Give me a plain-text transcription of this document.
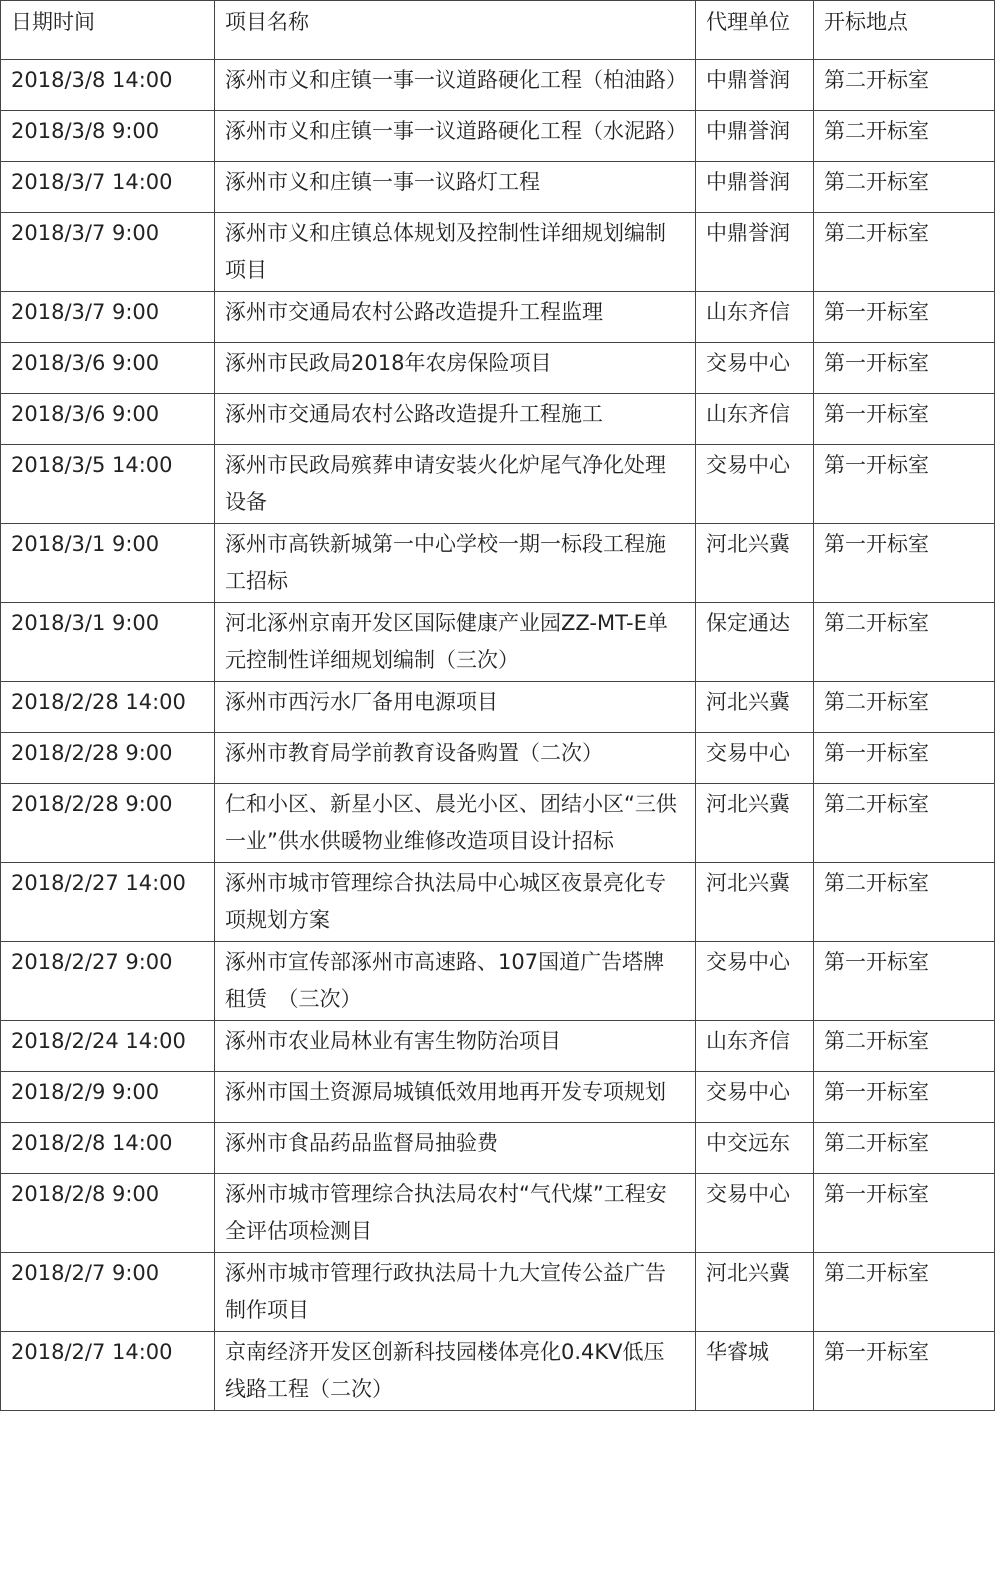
日期时间	项目名称	代理单位	开标地点
2018/3/8 14:00	涿州市义和庄镇一事一议道路硬化工程（柏油路）	中鼎誉润	第二开标室
2018/3/8 9:00	涿州市义和庄镇一事一议道路硬化工程（水泥路）	中鼎誉润	第二开标室
2018/3/7 14:00	涿州市义和庄镇一事一议路灯工程	中鼎誉润	第二开标室
2018/3/7 9:00	涿州市义和庄镇总体规划及控制性详细规划编制项目	中鼎誉润	第二开标室
2018/3/7 9:00	涿州市交通局农村公路改造提升工程监理	山东齐信	第一开标室
2018/3/6 9:00	涿州市民政局2018年农房保险项目	交易中心	第一开标室
2018/3/6 9:00	涿州市交通局农村公路改造提升工程施工	山东齐信	第一开标室
2018/3/5 14:00	涿州市民政局殡葬申请安装火化炉尾气净化处理设备	交易中心	第一开标室
2018/3/1 9:00	涿州市高铁新城第一中心学校一期一标段工程施工招标	河北兴冀	第一开标室
2018/3/1 9:00	河北涿州京南开发区国际健康产业园ZZ-MT-E单元控制性详细规划编制（三次）	保定通达	第二开标室
2018/2/28 14:00	涿州市西污水厂备用电源项目	河北兴冀	第二开标室
2018/2/28 9:00	涿州市教育局学前教育设备购置（二次）	交易中心	第一开标室
2018/2/28 9:00	仁和小区、新星小区、晨光小区、团结小区“三供一业”供水供暖物业维修改造项目设计招标	河北兴冀	第二开标室
2018/2/27 14:00	涿州市城市管理综合执法局中心城区夜景亮化专项规划方案	河北兴冀	第二开标室
2018/2/27 9:00	涿州市宣传部涿州市高速路、107国道广告塔牌租赁　（三次）	交易中心	第一开标室
2018/2/24 14:00	涿州市农业局林业有害生物防治项目	山东齐信	第二开标室
2018/2/9 9:00	涿州市国土资源局城镇低效用地再开发专项规划	交易中心	第一开标室
2018/2/8 14:00	涿州市食品药品监督局抽验费	中交远东	第二开标室
2018/2/8 9:00	涿州市城市管理综合执法局农村“气代煤”工程安全评估项检测目	交易中心	第一开标室
2018/2/7 9:00	涿州市城市管理行政执法局十九大宣传公益广告制作项目	河北兴冀	第二开标室
2018/2/7 14:00	京南经济开发区创新科技园楼体亮化0.4KV低压线路工程（二次）	华睿城	第一开标室
